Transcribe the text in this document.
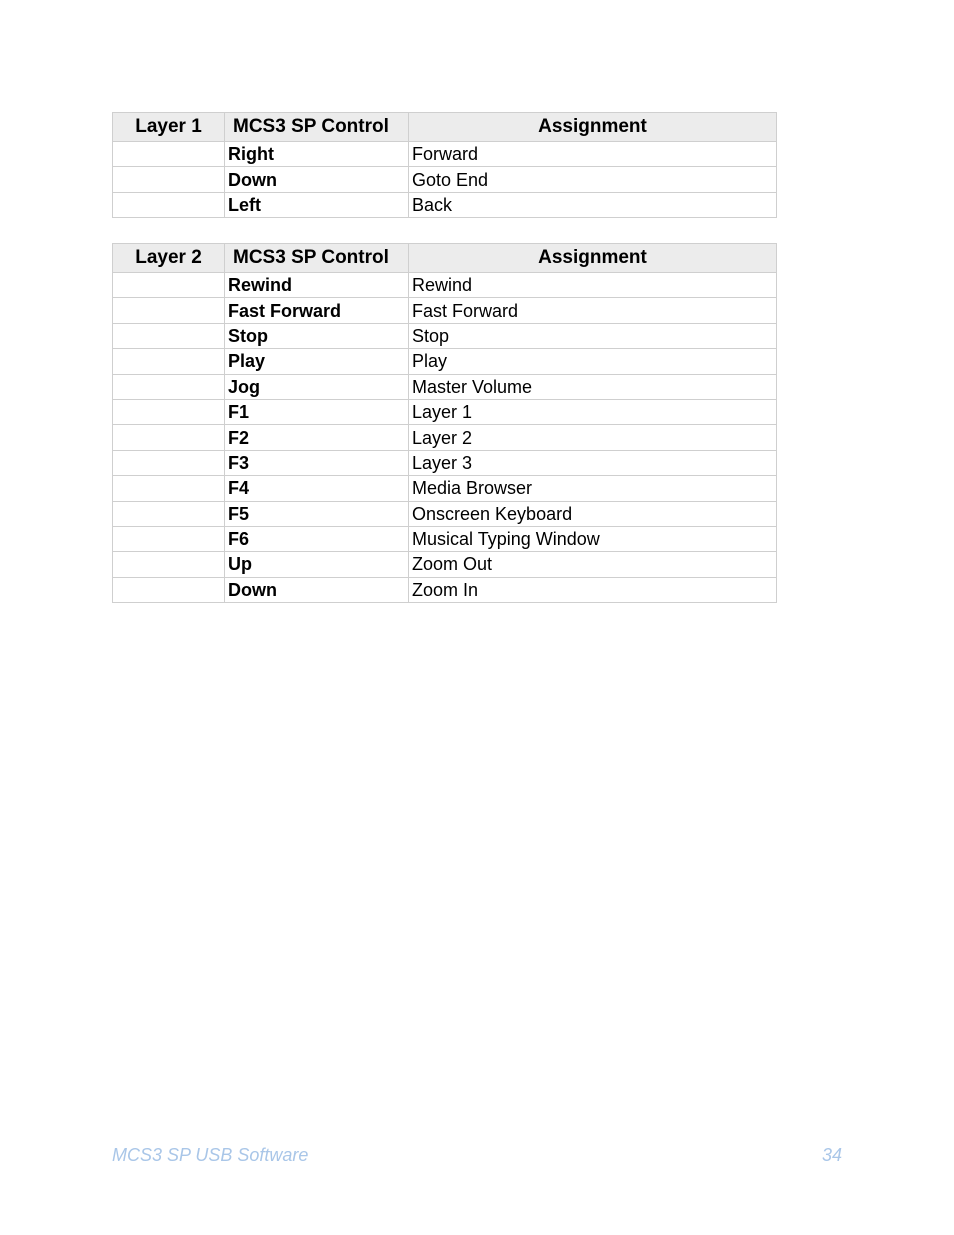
Layer 1	MCS3 SP Control	Assignment
	Right	Forward
	Down	Goto End
	Left	Back
Layer 2	MCS3 SP Control	Assignment
	Rewind	Rewind
	Fast Forward	Fast Forward
	Stop	Stop
	Play	Play
	Jog	Master Volume
	F1	Layer 1
	F2	Layer 2
	F3	Layer 3
	F4	Media Browser
	F5	Onscreen Keyboard
	F6	Musical Typing Window
	Up	Zoom Out
	Down	Zoom In
MCS3 SP USB Software	34
